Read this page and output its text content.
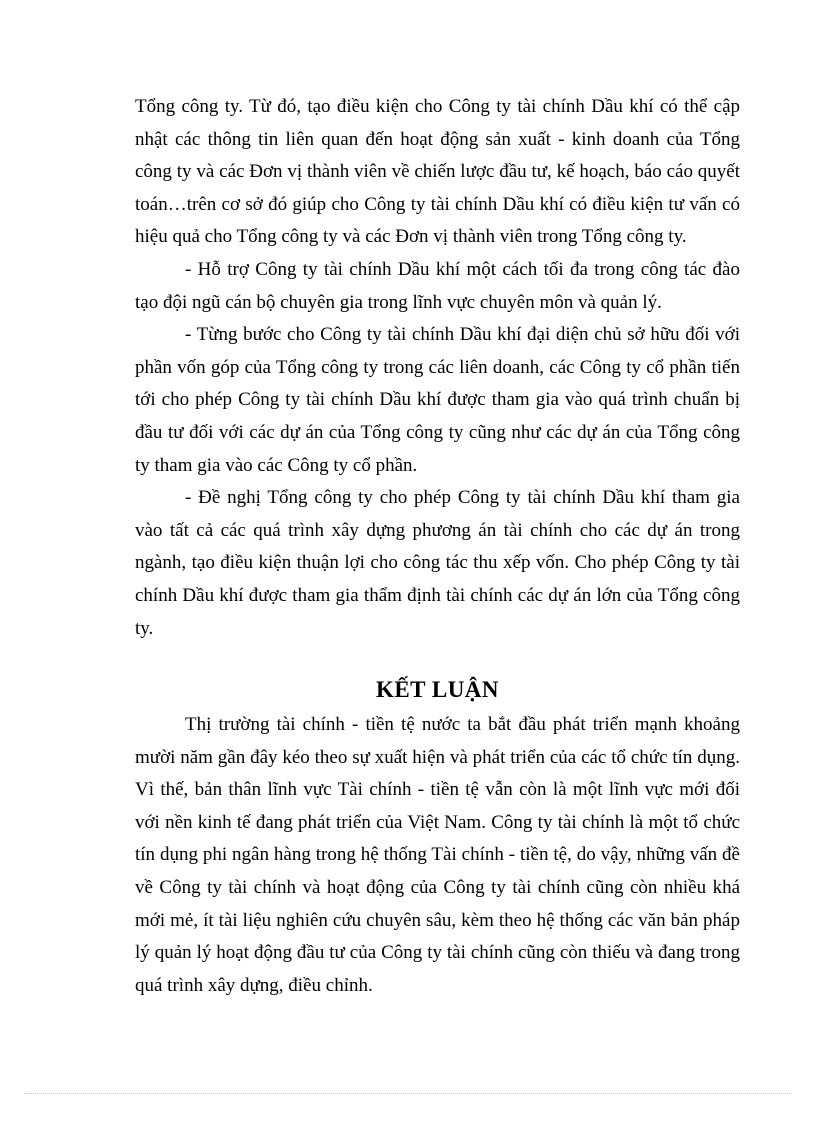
Tổng công ty. Từ đó, tạo điều kiện cho Công ty tài chính Dầu khí có thể cập nhật các thông tin liên quan đến hoạt động sản xuất - kinh doanh của Tổng công ty và các Đơn vị thành viên về chiến lược đầu tư, kế hoạch, báo cáo quyết toán…trên cơ sở đó giúp cho Công ty tài chính Dầu khí có điều kiện tư vấn có hiệu quả cho Tổng công ty và các Đơn vị thành viên trong Tổng công ty.

- Hỗ trợ Công ty tài chính Dầu khí một cách tối đa trong công tác đào tạo đội ngũ cán bộ chuyên gia trong lĩnh vực chuyên môn và quản lý.

- Từng bước cho Công ty tài chính Dầu khí đại diện chủ sở hữu đối với phần vốn góp của Tổng công ty trong các liên doanh, các Công ty cổ phần tiến tới cho phép Công ty tài chính Dầu khí được tham gia vào quá trình chuẩn bị đầu tư đối với các dự án của Tổng công ty cũng như các dự án của Tổng công ty tham gia vào các Công ty cổ phần.

- Đề nghị Tổng công ty cho phép Công ty tài chính Dầu khí tham gia vào tất cả các quá trình xây dựng phương án tài chính cho các dự án trong ngành, tạo điều kiện thuận lợi cho công tác thu xếp vốn. Cho phép Công ty tài chính Dầu khí được tham gia thẩm định tài chính các dự án lớn của Tổng công ty.

KẾT LUẬN

Thị trường tài chính - tiền tệ nước ta bắt đầu phát triển mạnh khoảng mười năm gần đây kéo theo sự xuất hiện và phát triển của các tổ chức tín dụng. Vì thế, bản thân lĩnh vực Tài chính - tiền tệ vẫn còn là một lĩnh vực mới đối với nền kinh tế đang phát triển của Việt Nam. Công ty tài chính là một tổ chức tín dụng phi ngân hàng trong hệ thống Tài chính - tiền tệ, do vậy, những vấn đề về Công ty tài chính và hoạt động của Công ty tài chính cũng còn nhiều khá mới mẻ, ít tài liệu nghiên cứu chuyên sâu, kèm theo hệ thống các văn bản pháp lý quản lý hoạt động đầu tư của Công ty tài chính cũng còn thiếu và đang trong quá trình xây dựng, điều chỉnh.
